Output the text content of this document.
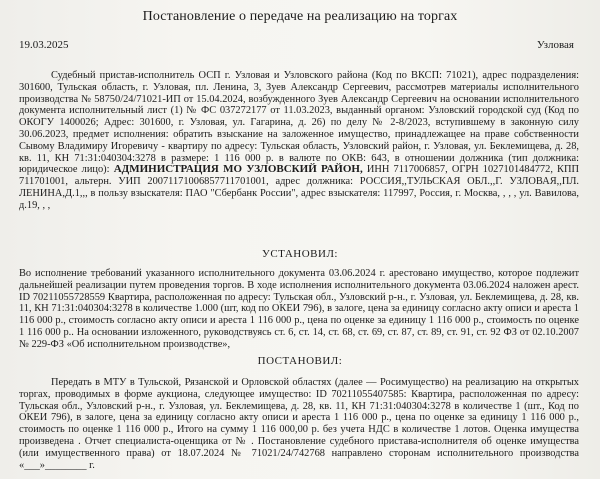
Постановление о передаче на реализацию на торгах
19.03.2025	Узловая

Судебный пристав-исполнитель ОСП г. Узловая и Узловского района (Код по ВКСП: 71021), адрес подразделения: 301600, Тульская область, г. Узловая, пл. Ленина, 3, Зуев Александр Сергеевич, рассмотрев материалы исполнительного производства № 58750/24/71021-ИП от 15.04.2024, возбужденного Зуев Александр Сергеевич на основании исполнительного документа исполнительный лист (1) № ФС 037272177 от 11.03.2023, выданный органом: Узловский городской суд (Код по ОКОГУ 1400026; Адрес: 301600, г. Узловая, ул. Гагарина, д. 26) по делу № 2-8/2023, вступившему в законную силу 30.06.2023, предмет исполнения: обратить взыскание на заложенное имущество, принадлежащее на праве собственности Сывому Владимиру Игоревичу - квартиру по адресу: Тульская область, Узловский район, г. Узловая, ул. Беклемищева, д. 28, кв. 11, КН 71:31:040304:3278 в размере: 1 116 000 р. в валюте по ОКВ: 643, в отношении должника (тип должника: юридическое лицо): АДМИНИСТРАЦИЯ МО УЗЛОВСКИЙ РАЙОН, ИНН 7117006857, ОГРН 1027101484772, КПП 711701001, альтерн. УИП 2007117100685771170100​1, адрес должника: РОССИЯ,,ТУЛЬСКАЯ ОБЛ.,,Г. УЗЛОВАЯ,,ПЛ. ЛЕНИНА,Д.1,,, в пользу взыскателя: ПАО "Сбербанк России", адрес взыскателя: 117997, Россия, г. Москва, , , , ул. Вавилова, д.19, , ,

УСТАНОВИЛ:

Во исполнение требований указанного исполнительного документа 03.06.2024 г. арестовано имущество, которое подлежит дальнейшей реализации путем проведения торгов. В ходе исполнения исполнительного документа 03.06.2024 наложен арест. ID 70211055728559 Квартира, расположенная по адресу: Тульская обл., Узловский р-н., г. Узловая, ул. Беклемищева, д. 28, кв. 11, КН 71:31:040304:3278 в количестве 1.000 (шт, код по ОКЕИ 796), в залоге, цена за единицу согласно акту описи и ареста 1 116 000 р., стоимость согласно акту описи и ареста 1 116 000 р., цена по оценке за единицу 1 116 000 р., стоимость по оценке 1 116 000 р.. На основании изложенного, руководствуясь ст. 6, ст. 14, ст. 68, ст. 69, ст. 87, ст. 89, ст. 91, ст. 92 ФЗ от 02.10.2007 № 229-ФЗ «Об исполнительном производстве»,

ПОСТАНОВИЛ:

Передать в МТУ в Тульской, Рязанской и Орловской областях (далее — Росимущество) на реализацию на открытых торгах, проводимых в форме аукциона, следующее имущество: ID 70211055407585: Квартира, расположенная по адресу: Тульская обл., Узловский р-н., г. Узловая, ул. Беклемищева, д. 28, кв. 11, КН 71:31:040304:3278 в количестве 1 (шт., Код по ОКЕИ 796), в залоге, цена за единицу согласно акту описи и ареста 1 116 000 р., цена по оценке за единицу 1 116 000 р., стоимость по оценке 1 116 000 р., Итого на сумму 1 116 000,00 р. без учета НДС в количестве 1 лотов. Оценка имущества произведена . Отчет специалиста-оценщика от № . Постановление судебного пристава-исполнителя об оценке имущества (или имущественного права) от 18.07.2024 № 71021/24/742768 направлено сторонам исполнительного производства «___»________ г.
